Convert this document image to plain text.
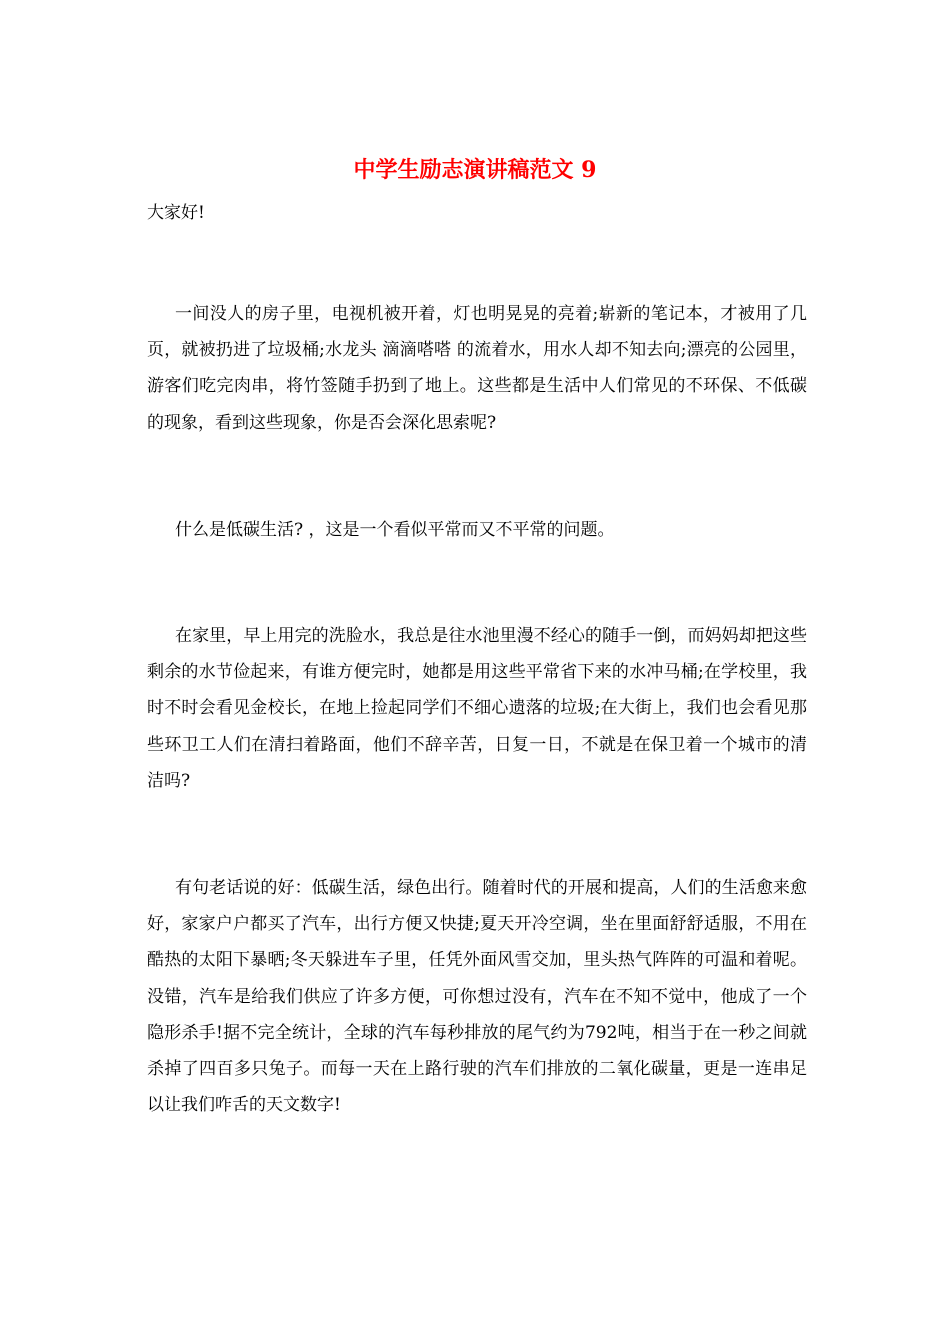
中学生励志演讲稿范文 9

大家好!

一间没人的房子里，电视机被开着，灯也明晃晃的亮着;崭新的笔记本，才被用了几页，就被扔进了垃圾桶;水龙头 滴滴嗒嗒 的流着水，用水人却不知去向;漂亮的公园里，游客们吃完肉串，将竹签随手扔到了地上。这些都是生活中人们常见的不环保、不低碳的现象，看到这些现象，你是否会深化思索呢?

什么是低碳生活? ，这是一个看似平常而又不平常的问题。

在家里，早上用完的洗脸水，我总是往水池里漫不经心的随手一倒，而妈妈却把这些剩余的水节俭起来，有谁方便完时，她都是用这些平常省下来的水冲马桶;在学校里，我时不时会看见金校长，在地上捡起同学们不细心遗落的垃圾;在大街上，我们也会看见那些环卫工人们在清扫着路面，他们不辞辛苦，日复一日，不就是在保卫着一个城市的清洁吗?

有句老话说的好：低碳生活，绿色出行。随着时代的开展和提高，人们的生活愈来愈好，家家户户都买了汽车，出行方便又快捷;夏天开冷空调，坐在里面舒舒适服，不用在酷热的太阳下暴晒;冬天躲进车子里，任凭外面风雪交加，里头热气阵阵的可温和着呢。没错，汽车是给我们供应了许多方便，可你想过没有，汽车在不知不觉中，他成了一个隐形杀手!据不完全统计，全球的汽车每秒排放的尾气约为792吨，相当于在一秒之间就杀掉了四百多只兔子。而每一天在上路行驶的汽车们排放的二氧化碳量，更是一连串足以让我们咋舌的天文数字!
